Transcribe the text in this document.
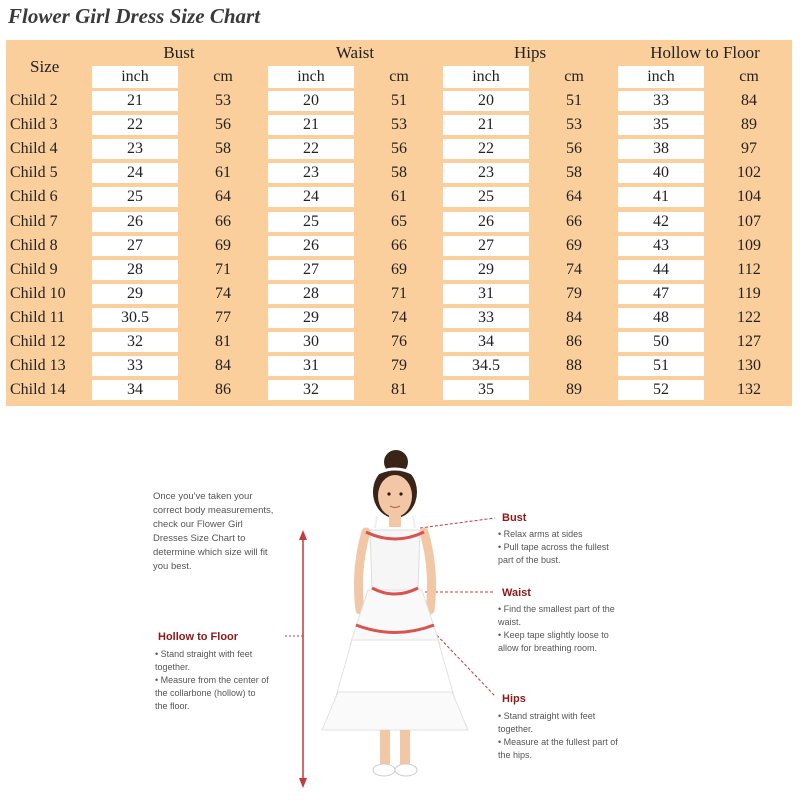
Flower Girl Dress Size Chart
Size
Bust	Waist	Hips	Hollow to Floor
inch	cm	inch	cm	inch	cm	inch	cm
Child 2	21	53	20	51	20	51	33	84
Child 3	22	56	21	53	21	53	35	89
Child 4	23	58	22	56	22	56	38	97
Child 5	24	61	23	58	23	58	40	102
Child 6	25	64	24	61	25	64	41	104
Child 7	26	66	25	65	26	66	42	107
Child 8	27	69	26	66	27	69	43	109
Child 9	28	71	27	69	29	74	44	112
Child 10	29	74	28	71	31	79	47	119
Child 11	30.5	77	29	74	33	84	48	122
Child 12	32	81	30	76	34	86	50	127
Child 13	33	84	31	79	34.5	88	51	130
Child 14	34	86	32	81	35	89	52	132
Once you've taken your
correct body measurements,
check our Flower Girl
Dresses Size Chart to
determine which size will fit
you best.
Bust
• Relax arms at sides
• Pull tape across the fullest
part of the bust.
Waist
• Find the smallest part of the
waist.
• Keep tape slightly loose to
allow for breathing room.
Hips
• Stand straight with feet
together.
• Measure at the fullest part of
the hips.
Hollow to Floor
• Stand straight with feet
together.
• Measure from the center of
the collarbone (hollow) to
the floor.
